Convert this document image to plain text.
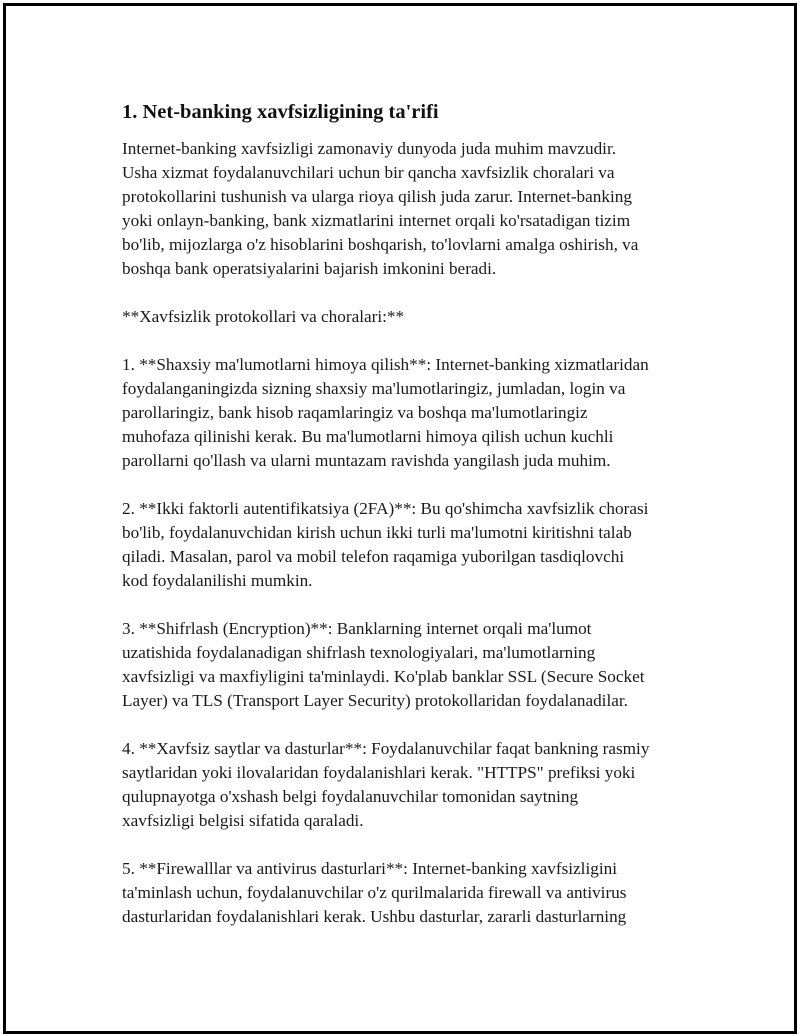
1. Net-banking xavfsizligining ta'rifi

Internet-banking xavfsizligi zamonaviy dunyoda juda muhim mavzudir.
Usha xizmat foydalanuvchilari uchun bir qancha xavfsizlik choralari va
protokollarini tushunish va ularga rioya qilish juda zarur. Internet-banking
yoki onlayn-banking, bank xizmatlarini internet orqali ko'rsatadigan tizim
bo'lib, mijozlarga o'z hisoblarini boshqarish, to'lovlarni amalga oshirish, va
boshqa bank operatsiyalarini bajarish imkonini beradi.

**Xavfsizlik protokollari va choralari:**

1. **Shaxsiy ma'lumotlarni himoya qilish**: Internet-banking xizmatlaridan
foydalanganingizda sizning shaxsiy ma'lumotlaringiz, jumladan, login va
parollaringiz, bank hisob raqamlaringiz va boshqa ma'lumotlaringiz
muhofaza qilinishi kerak. Bu ma'lumotlarni himoya qilish uchun kuchli
parollarni qo'llash va ularni muntazam ravishda yangilash juda muhim.

2. **Ikki faktorli autentifikatsiya (2FA)**: Bu qo'shimcha xavfsizlik chorasi
bo'lib, foydalanuvchidan kirish uchun ikki turli ma'lumotni kiritishni talab
qiladi. Masalan, parol va mobil telefon raqamiga yuborilgan tasdiqlovchi
kod foydalanilishi mumkin.

3. **Shifrlash (Encryption)**: Banklarning internet orqali ma'lumot
uzatishida foydalanadigan shifrlash texnologiyalari, ma'lumotlarning
xavfsizligi va maxfiyligini ta'minlaydi. Ko'plab banklar SSL (Secure Socket
Layer) va TLS (Transport Layer Security) protokollaridan foydalanadilar.

4. **Xavfsiz saytlar va dasturlar**: Foydalanuvchilar faqat bankning rasmiy
saytlaridan yoki ilovalaridan foydalanishlari kerak. "HTTPS" prefiksi yoki
qulupnayotga o'xshash belgi foydalanuvchilar tomonidan saytning
xavfsizligi belgisi sifatida qaraladi.

5. **Firewalllar va antivirus dasturlari**: Internet-banking xavfsizligini
ta'minlash uchun, foydalanuvchilar o'z qurilmalarida firewall va antivirus
dasturlaridan foydalanishlari kerak. Ushbu dasturlar, zararli dasturlarning
